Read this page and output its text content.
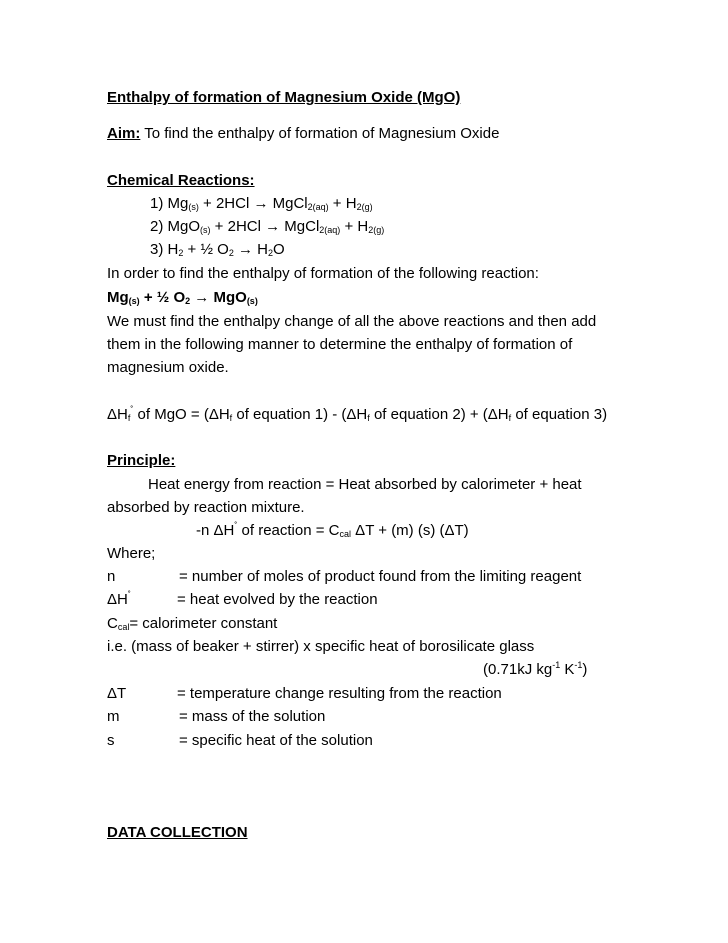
Enthalpy of formation of Magnesium Oxide (MgO)
Aim: To find the enthalpy of formation of Magnesium Oxide
Chemical Reactions:
1) $Mg_{(s)} + 2HCl$ → MgCl$_{2(aq)}$ + $H_{2(g)}$
2) MgO$_{(s)}$ + 2HCl → MgCl$_{2(aq)}$ + $H_{2(g)}$
3) $H_2$ + ½ $O_2 \to H_2O$
In order to find the enthalpy of formation of the following reaction:
$Mg_{(s)}$ + ½ $O_2 \to MgO_{(s)}$
We must find the enthalpy change of all the above reactions and then add
them in the following manner to determine the enthalpy of formation of
magnesium oxide.
$\Delta H_f^˚$ of MgO = ($\Delta H_f$ of equation $1) - (\Delta H_f$ of equation $2) + (\Delta H_f$ of equation 3)
Principle:
Heat energy from reaction = Heat absorbed by calorimeter + heat
absorbed by reaction mixture.
-n ΔH˚ of reaction = $C_{cal}$ ΔT + (m) (s) (ΔT)
Where;
n	= number of moles of product found from the limiting reagent
ΔH˚	= heat evolved by the reaction
$C_{cal}=$ calorimeter constant
i.e. (mass of beaker + stirrer) x specific heat of borosilicate glass
(0.71kJ $kg^{-1}$ $K^{-1}$)
ΔT	= temperature change resulting from the reaction
m	= mass of the solution
s	= specific heat of the solution
DATA COLLECTION
